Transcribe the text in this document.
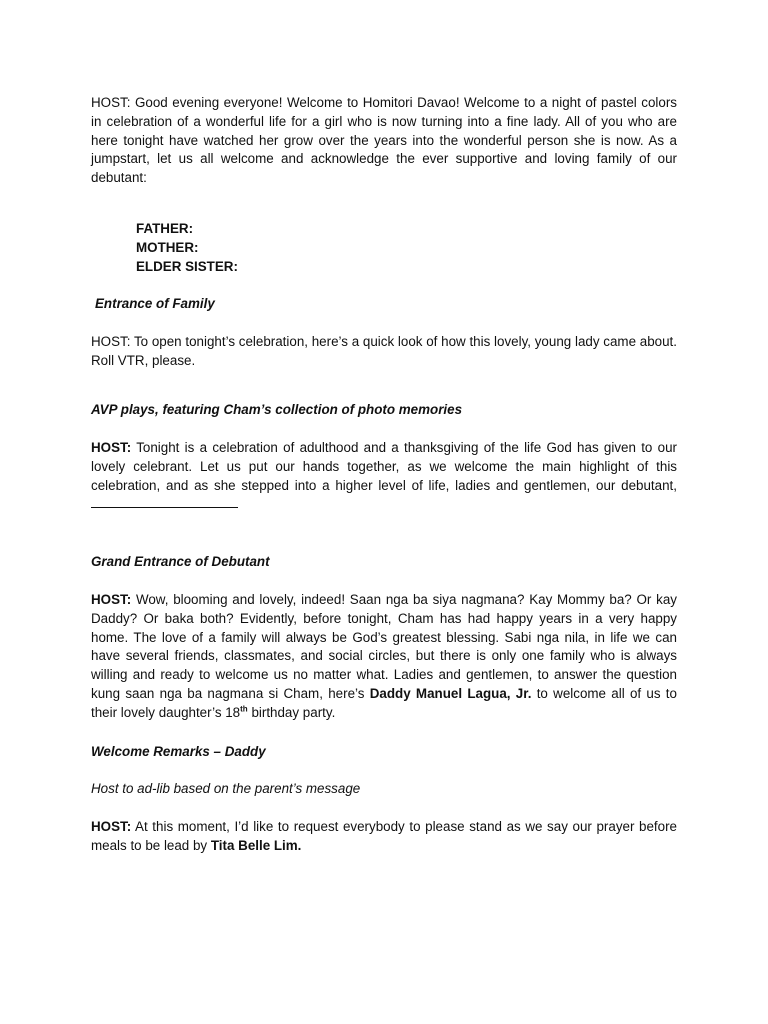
HOST: Good evening everyone! Welcome to Homitori Davao! Welcome to a night of pastel colors in celebration of a wonderful life for a girl who is now turning into a fine lady. All of you who are here tonight have watched her grow over the years into the wonderful person she is now. As a jumpstart, let us all welcome and acknowledge the ever supportive and loving family of our debutant:
FATHER:
MOTHER:
ELDER SISTER:
Entrance of Family
HOST: To open tonight’s celebration, here’s a quick look of how this lovely, young lady came about. Roll VTR, please.
AVP plays, featuring Cham’s collection of photo memories
HOST: Tonight is a celebration of adulthood and a thanksgiving of the life God has given to our lovely celebrant. Let us put our hands together, as we welcome the main highlight of this celebration, and as she stepped into a higher level of life, ladies and gentlemen, our debutant,
Grand Entrance of Debutant
HOST: Wow, blooming and lovely, indeed! Saan nga ba siya nagmana? Kay Mommy ba? Or kay Daddy? Or baka both? Evidently, before tonight, Cham has had happy years in a very happy home. The love of a family will always be God’s greatest blessing. Sabi nga nila, in life we can have several friends, classmates, and social circles, but there is only one family who is always willing and ready to welcome us no matter what. Ladies and gentlemen, to answer the question kung saan nga ba nagmana si Cham, here’s Daddy Manuel Lagua, Jr. to welcome all of us to their lovely daughter’s 18th birthday party.
Welcome Remarks – Daddy
Host to ad-lib based on the parent’s message
HOST: At this moment, I’d like to request everybody to please stand as we say our prayer before meals to be lead by Tita Belle Lim.
